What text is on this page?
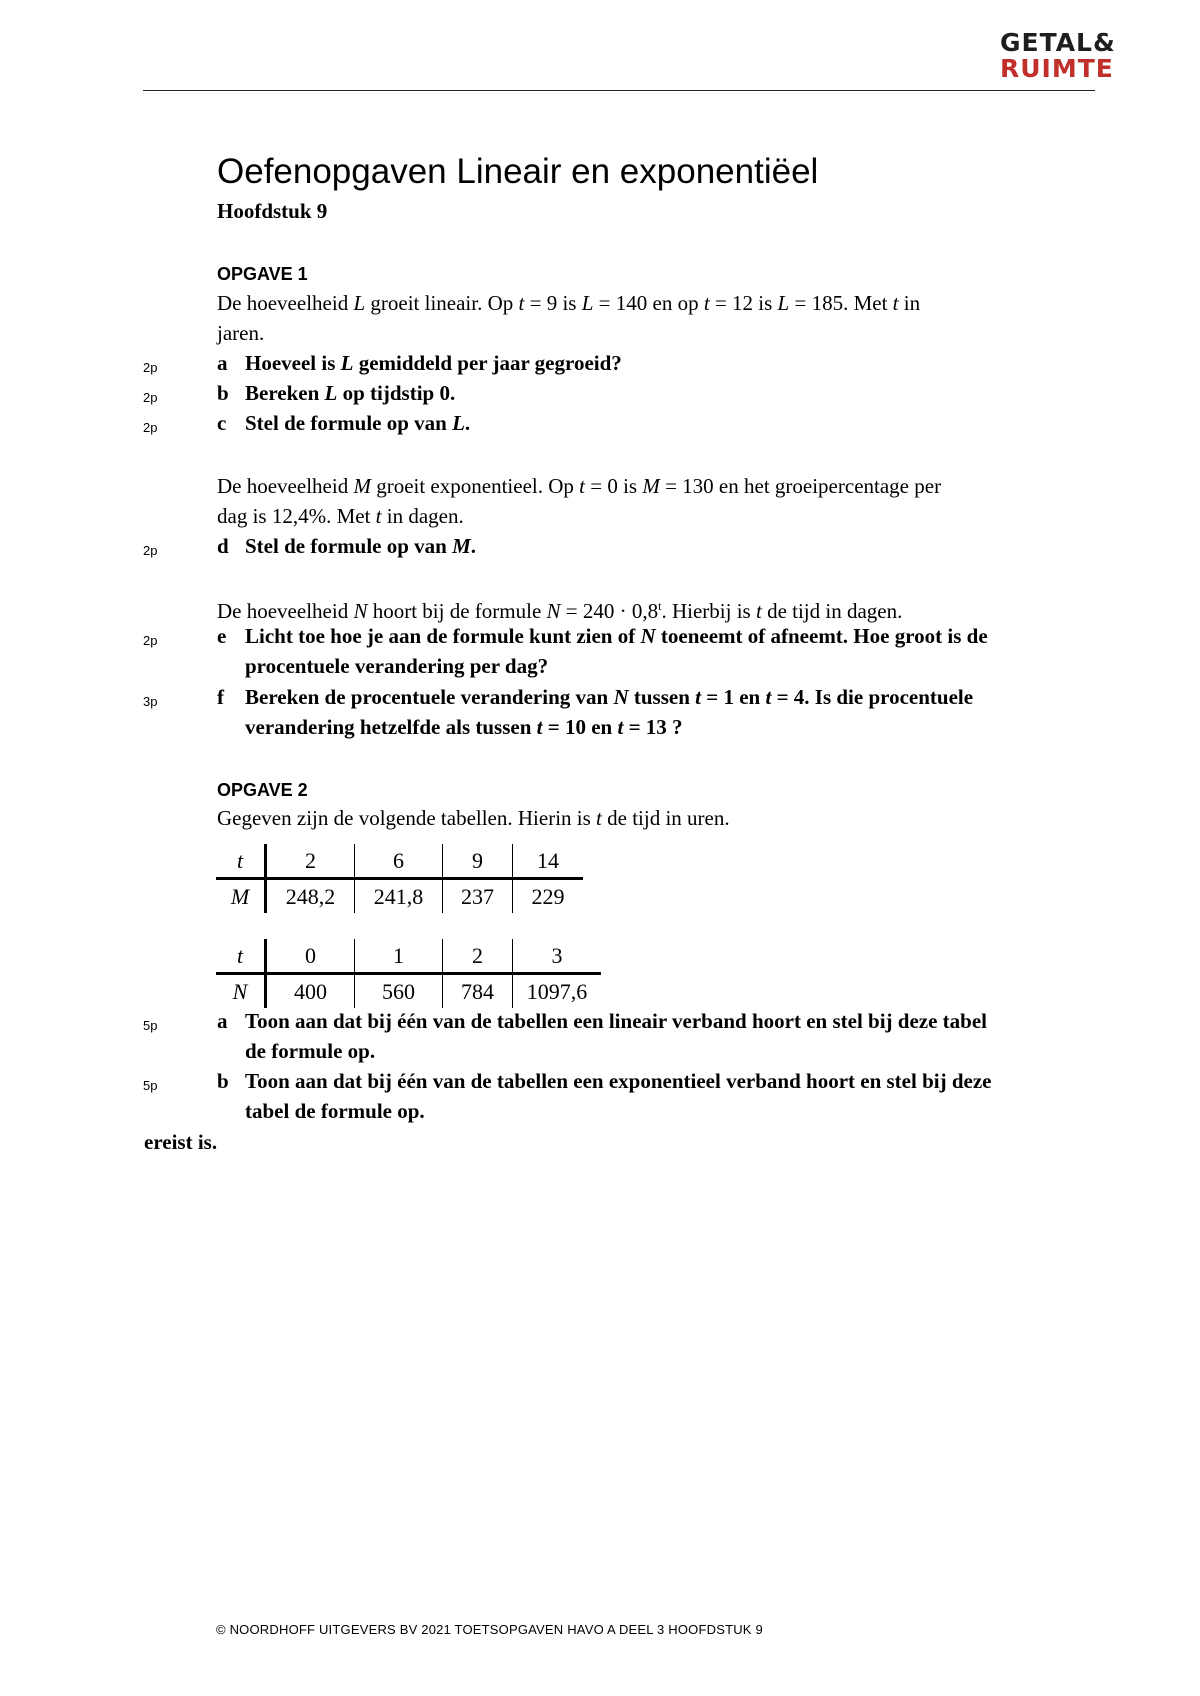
GETAL&
RUIMTE
Oefenopgaven Lineair en exponentiëel
Hoofdstuk 9
OPGAVE 1
De hoeveelheid L groeit lineair. Op t = 9 is L = 140 en op t = 12 is L = 185. Met t in
jaren.
2p	a Hoeveel is L gemiddeld per jaar gegroeid?
2p	b Bereken L op tijdstip 0.
2p	c Stel de formule op van L.
De hoeveelheid M groeit exponentieel. Op t = 0 is M = 130 en het groeipercentage per
dag is 12,4%. Met t in dagen.
2p	d Stel de formule op van M.
De hoeveelheid N hoort bij de formule $N = 240 \cdot 0,8^t$. Hierbij is t de tijd in dagen.
2p	e Licht toe hoe je aan de formule kunt zien of N toeneemt of afneemt. Hoe groot is de
procentuele verandering per dag?
3p	f Bereken de procentuele verandering van N tussen t = 1 en t = 4. Is die procentuele
verandering hetzelfde als tussen t = 10 en t = 13 ?
OPGAVE 2
Gegeven zijn de volgende tabellen. Hierin is t de tijd in uren.
t	2	6	9	14
M	248,2	241,8	237	229
t	0	1	2	3
N	400	560	784	1097,6
5p	a Toon aan dat bij één van de tabellen een lineair verband hoort en stel bij deze tabel
de formule op.
5p	b Toon aan dat bij één van de tabellen een exponentieel verband hoort en stel bij deze
tabel de formule op.
ereist is.
© NOORDHOFF UITGEVERS BV 2021 TOETSOPGAVEN HAVO A DEEL 3 HOOFDSTUK 9
